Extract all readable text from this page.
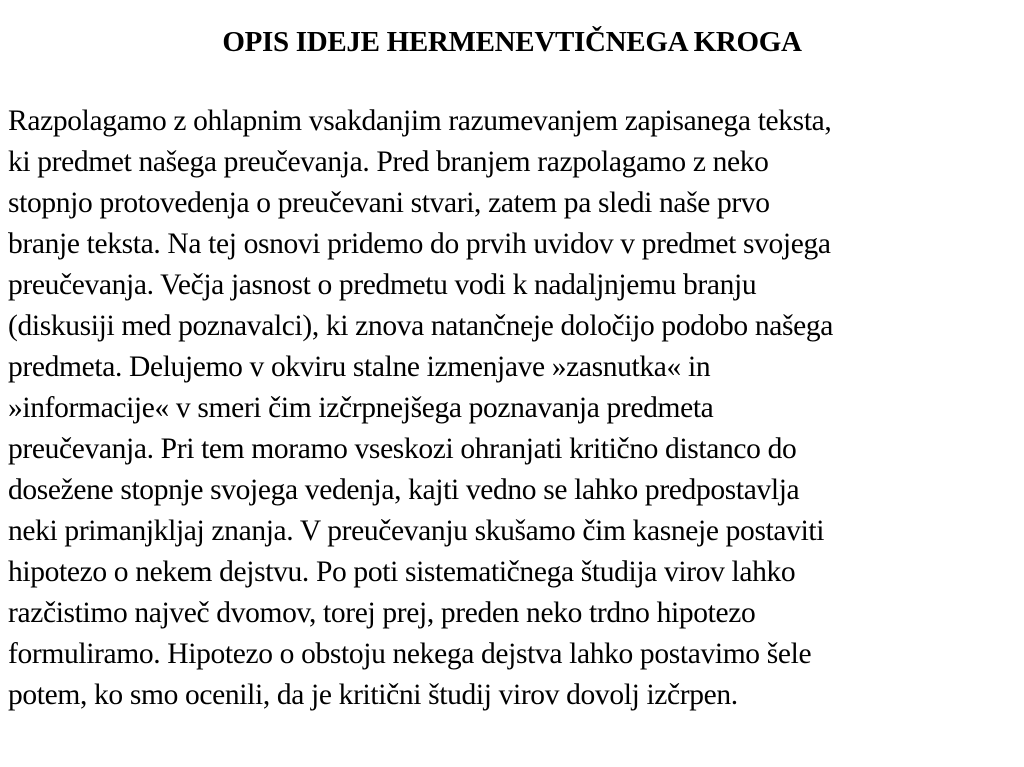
OPIS IDEJE HERMENEVTIČNEGA KROGA
Razpolagamo z ohlapnim vsakdanjim razumevanjem zapisanega teksta,
ki predmet našega preučevanja. Pred branjem razpolagamo z neko
stopnjo protovedenja o preučevani stvari, zatem pa sledi naše prvo
branje teksta. Na tej osnovi pridemo do prvih uvidov v predmet svojega
preučevanja. Večja jasnost o predmetu vodi k nadaljnjemu branju
(diskusiji med poznavalci), ki znova natančneje določijo podobo našega
predmeta. Delujemo v okviru stalne izmenjave »zasnutka« in
»informacije« v smeri čim izčrpnejšega poznavanja predmeta
preučevanja. Pri tem moramo vseskozi ohranjati kritično distanco do
dosežene stopnje svojega vedenja, kajti vedno se lahko predpostavlja
neki primanjkljaj znanja. V preučevanju skušamo čim kasneje postaviti
hipotezo o nekem dejstvu. Po poti sistematičnega študija virov lahko
razčistimo največ dvomov, torej prej, preden neko trdno hipotezo
formuliramo. Hipotezo o obstoju nekega dejstva lahko postavimo šele
potem, ko smo ocenili, da je kritični študij virov dovolj izčrpen.
